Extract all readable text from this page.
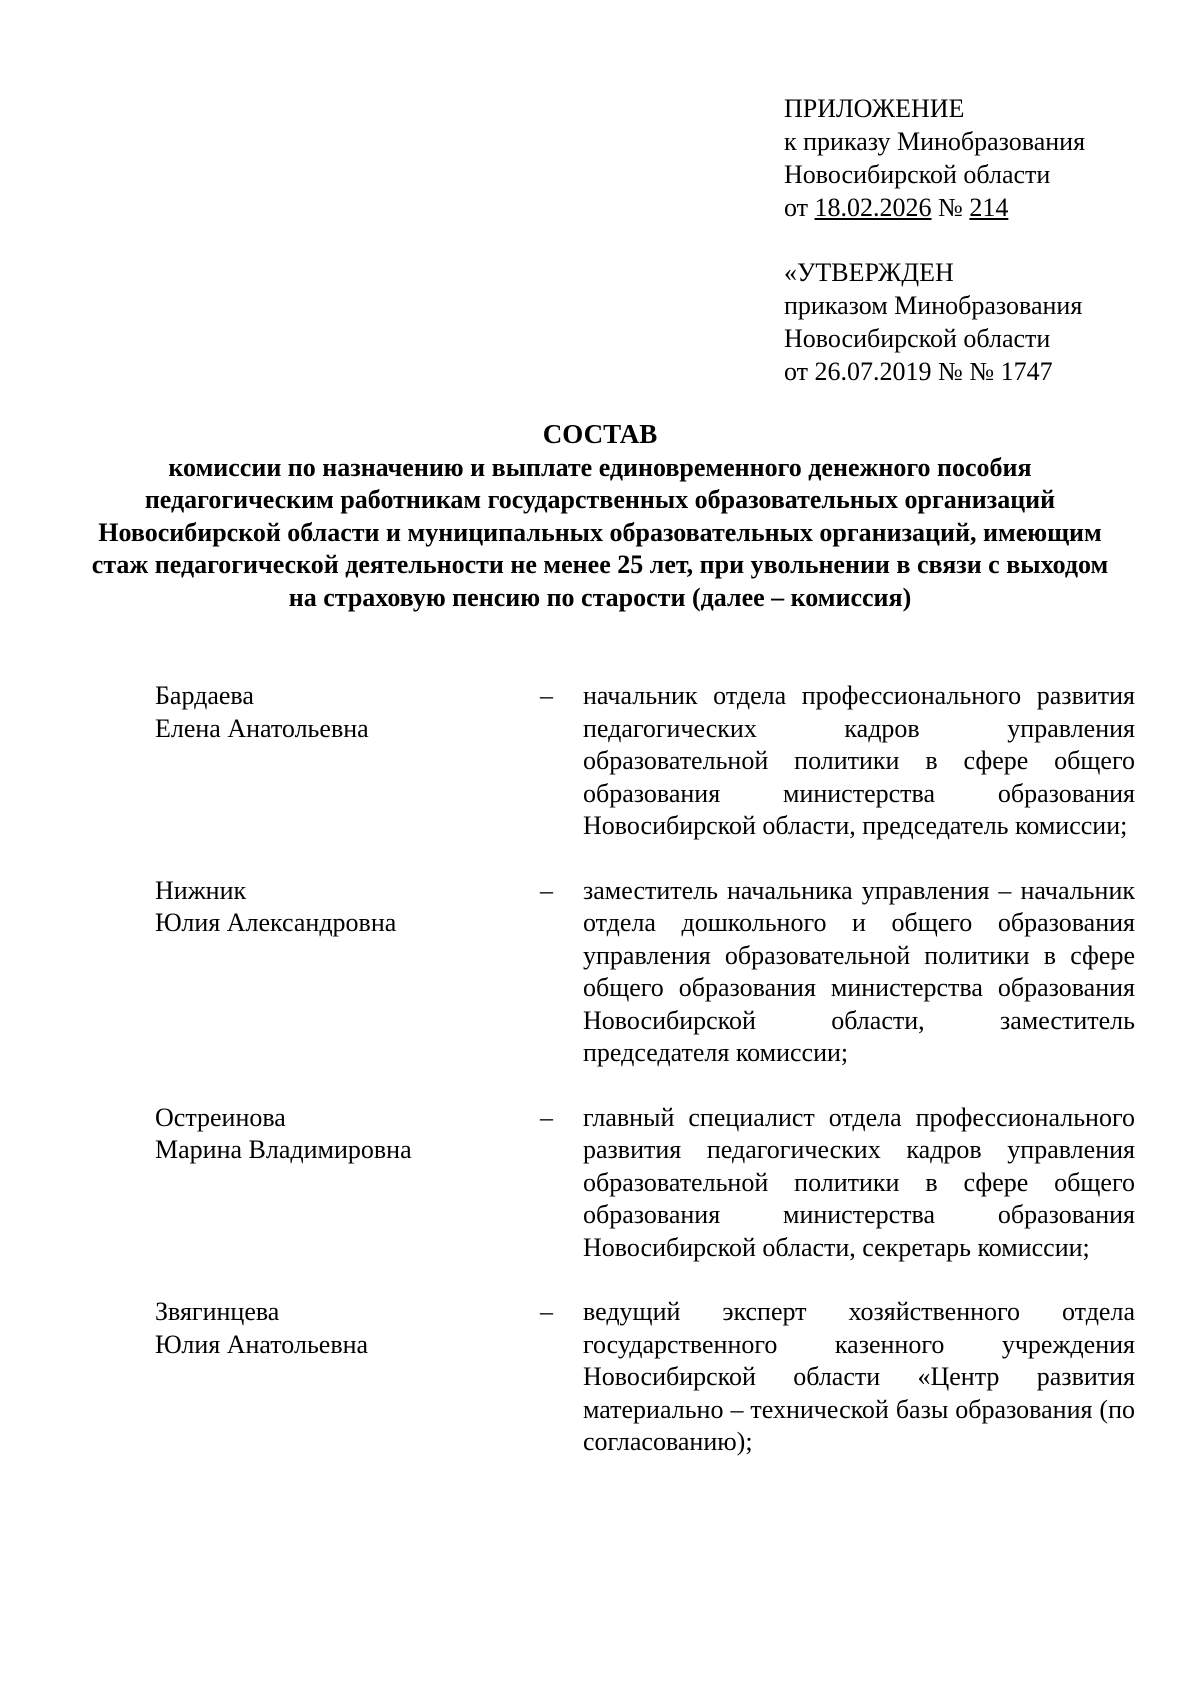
ПРИЛОЖЕНИЕ
к приказу Минобразования
Новосибирской области
от 18.02.2026 № 214
«УТВЕРЖДЕН
приказом Минобразования
Новосибирской области
от 26.07.2019 № № 1747
СОСТАВ
комиссии по назначению и выплате единовременного денежного пособия педагогическим работникам государственных образовательных организаций Новосибирской области и муниципальных образовательных организаций, имеющим стаж педагогической деятельности не менее 25 лет, при увольнении в связи с выходом на страховую пенсию по старости (далее – комиссия)
Бардаева
Елена Анатольевна
–	начальник отдела профессионального развития педагогических кадров управления образовательной политики в сфере общего образования министерства образования Новосибирской области, председатель комиссии;
Нижник
Юлия Александровна
–	заместитель начальника управления – начальник отдела дошкольного и общего образования управления образовательной политики в сфере общего образования министерства образования Новосибирской области, заместитель председателя комиссии;
Остреинова
Марина Владимировна
–	главный специалист отдела профессионального развития педагогических кадров управления образовательной политики в сфере общего образования министерства образования Новосибирской области, секретарь комиссии;
Звягинцева
Юлия Анатольевна
–	ведущий эксперт хозяйственного отдела государственного казенного учреждения Новосибирской области «Центр развития материально – технической базы образования (по согласованию);
